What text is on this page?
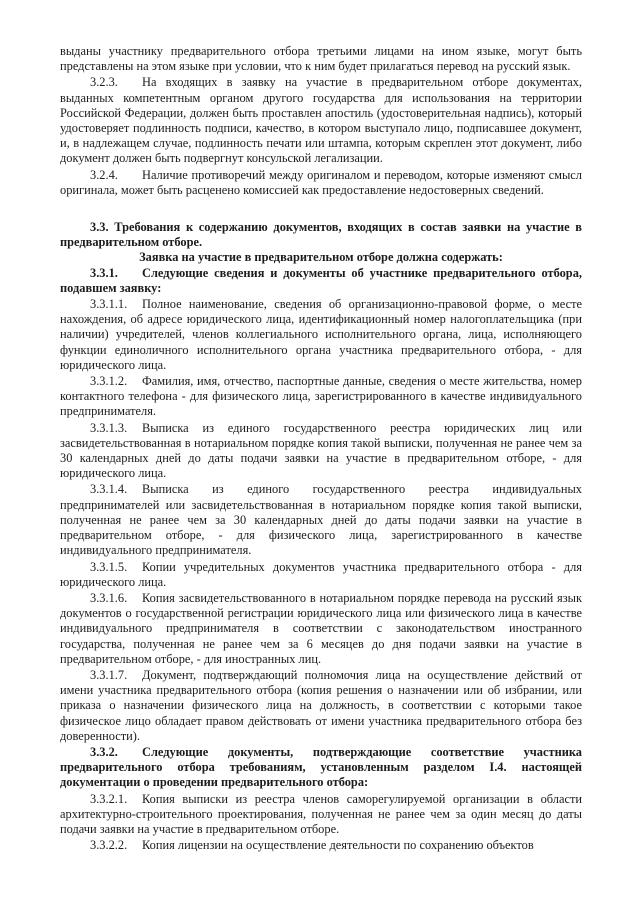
выданы участнику предварительного отбора третьими лицами на ином языке, могут быть представлены на этом языке при условии, что к ним будет прилагаться перевод на русский язык.

3.2.3. На входящих в заявку на участие в предварительном отборе документах, выданных компетентным органом другого государства для использования на территории Российской Федерации, должен быть проставлен апостиль (удостоверительная надпись), который удостоверяет подлинность подписи, качество, в котором выступало лицо, подписавшее документ, и, в надлежащем случае, подлинность печати или штампа, которым скреплен этот документ, либо документ должен быть подвергнут консульской легализации.

3.2.4. Наличие противоречий между оригиналом и переводом, которые изменяют смысл оригинала, может быть расценено комиссией как предоставление недостоверных сведений.

3.3. Требования к содержанию документов, входящих в состав заявки на участие в предварительном отборе.

Заявка на участие в предварительном отборе должна содержать:

3.3.1. Следующие сведения и документы об участнике предварительного отбора, подавшем заявку:

3.3.1.1. Полное наименование, сведения об организационно-правовой форме, о месте нахождения, об адресе юридического лица, идентификационный номер налогоплательщика (при наличии) учредителей, членов коллегиального исполнительного органа, лица, исполняющего функции единоличного исполнительного органа участника предварительного отбора, - для юридического лица.

3.3.1.2. Фамилия, имя, отчество, паспортные данные, сведения о месте жительства, номер контактного телефона - для физического лица, зарегистрированного в качестве индивидуального предпринимателя.

3.3.1.3. Выписка из единого государственного реестра юридических лиц или засвидетельствованная в нотариальном порядке копия такой выписки, полученная не ранее чем за 30 календарных дней до даты подачи заявки на участие в предварительном отборе, - для юридического лица.

3.3.1.4. Выписка из единого государственного реестра индивидуальных предпринимателей или засвидетельствованная в нотариальном порядке копия такой выписки, полученная не ранее чем за 30 календарных дней до даты подачи заявки на участие в предварительном отборе, - для физического лица, зарегистрированного в качестве индивидуального предпринимателя.

3.3.1.5. Копии учредительных документов участника предварительного отбора - для юридического лица.

3.3.1.6. Копия засвидетельствованного в нотариальном порядке перевода на русский язык документов о государственной регистрации юридического лица или физического лица в качестве индивидуального предпринимателя в соответствии с законодательством иностранного государства, полученная не ранее чем за 6 месяцев до дня подачи заявки на участие в предварительном отборе, - для иностранных лиц.

3.3.1.7. Документ, подтверждающий полномочия лица на осуществление действий от имени участника предварительного отбора (копия решения о назначении или об избрании, или приказа о назначении физического лица на должность, в соответствии с которыми такое физическое лицо обладает правом действовать от имени участника предварительного отбора без доверенности).

3.3.2. Следующие документы, подтверждающие соответствие участника предварительного отбора требованиям, установленным разделом I.4. настоящей документации о проведении предварительного отбора:

3.3.2.1. Копия выписки из реестра членов саморегулируемой организации в области архитектурно-строительного проектирования, полученная не ранее чем за один месяц до даты подачи заявки на участие в предварительном отборе.

3.3.2.2. Копия лицензии на осуществление деятельности по сохранению объектов
